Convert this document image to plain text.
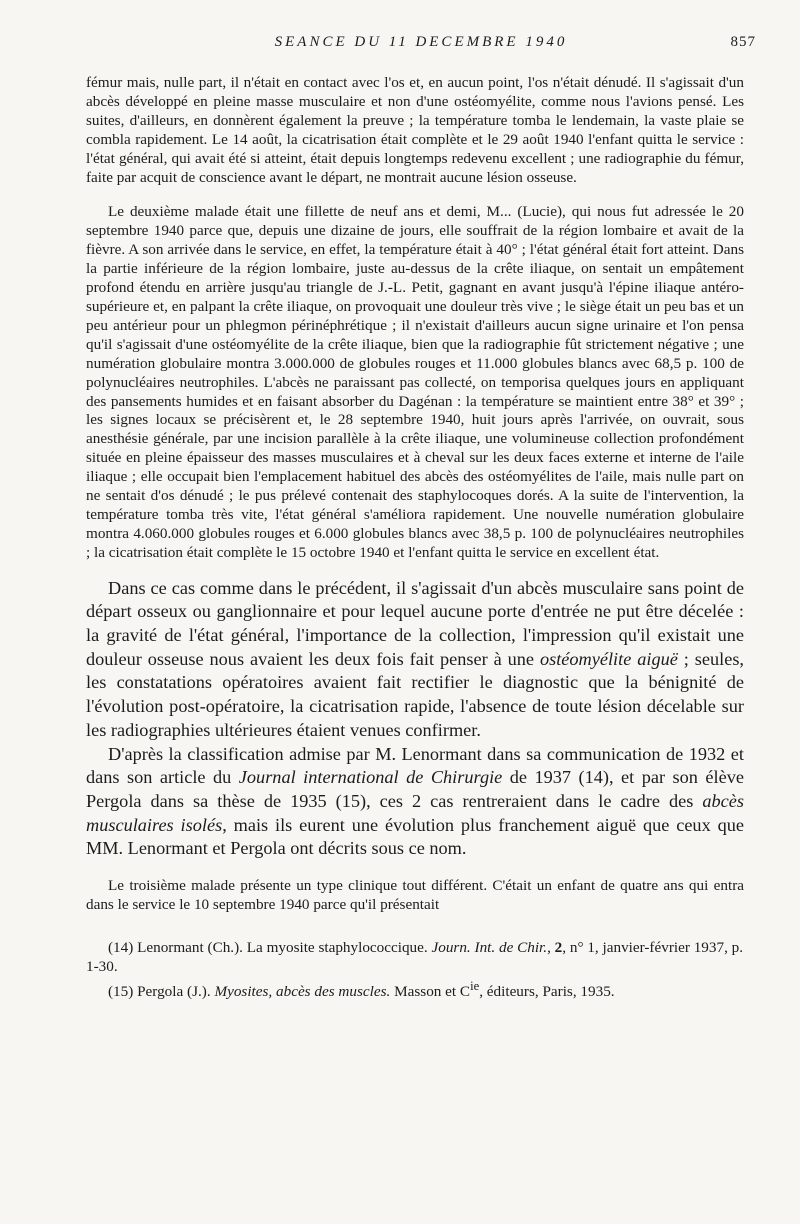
SEANCE DU 11 DECEMBRE 1940	857

fémur mais, nulle part, il n'était en contact avec l'os et, en aucun point, l'os n'était dénudé. Il s'agissait d'un abcès développé en pleine masse musculaire et non d'une ostéomyélite, comme nous l'avions pensé. Les suites, d'ailleurs, en donnèrent également la preuve ; la température tomba le lendemain, la vaste plaie se combla rapidement. Le 14 août, la cicatrisation était complète et le 29 août 1940 l'enfant quitta le service : l'état général, qui avait été si atteint, était depuis longtemps redevenu excellent ; une radiographie du fémur, faite par acquit de conscience avant le départ, ne montrait aucune lésion osseuse.

Le deuxième malade était une fillette de neuf ans et demi, M... (Lucie), qui nous fut adressée le 20 septembre 1940 parce que, depuis une dizaine de jours, elle souffrait de la région lombaire et avait de la fièvre. A son arrivée dans le service, en effet, la température était à 40° ; l'état général était fort atteint. Dans la partie inférieure de la région lombaire, juste au-dessus de la crête iliaque, on sentait un empâtement profond étendu en arrière jusqu'au triangle de J.-L. Petit, gagnant en avant jusqu'à l'épine iliaque antéro-supérieure et, en palpant la crête iliaque, on provoquait une douleur très vive ; le siège était un peu bas et un peu antérieur pour un phlegmon périnéphrétique ; il n'existait d'ailleurs aucun signe urinaire et l'on pensa qu'il s'agissait d'une ostéomyélite de la crête iliaque, bien que la radiographie fût strictement négative ; une numération globulaire montra 3.000.000 de globules rouges et 11.000 globules blancs avec 68,5 p. 100 de polynucléaires neutrophiles. L'abcès ne paraissant pas collecté, on temporisa quelques jours en appliquant des pansements humides et en faisant absorber du Dagénan : la température se maintient entre 38° et 39° ; les signes locaux se précisèrent et, le 28 septembre 1940, huit jours après l'arrivée, on ouvrait, sous anesthésie générale, par une incision parallèle à la crête iliaque, une volumineuse collection profondément située en pleine épaisseur des masses musculaires et à cheval sur les deux faces externe et interne de l'aile iliaque ; elle occupait bien l'emplacement habituel des abcès des ostéomyélites de l'aile, mais nulle part on ne sentait d'os dénudé ; le pus prélevé contenait des staphylocoques dorés. A la suite de l'intervention, la température tomba très vite, l'état général s'améliora rapidement. Une nouvelle numération globulaire montra 4.060.000 globules rouges et 6.000 globules blancs avec 38,5 p. 100 de polynucléaires neutrophiles ; la cicatrisation était complète le 15 octobre 1940 et l'enfant quitta le service en excellent état.

Dans ce cas comme dans le précédent, il s'agissait d'un abcès musculaire sans point de départ osseux ou ganglionnaire et pour lequel aucune porte d'entrée ne put être décelée : la gravité de l'état général, l'importance de la collection, l'impression qu'il existait une douleur osseuse nous avaient les deux fois fait penser à une ostéomyélite aiguë ; seules, les constatations opératoires avaient fait rectifier le diagnostic que la bénignité de l'évolution post-opératoire, la cicatrisation rapide, l'absence de toute lésion décelable sur les radiographies ultérieures étaient venues confirmer.

D'après la classification admise par M. Lenormant dans sa communication de 1932 et dans son article du Journal international de Chirurgie de 1937 (14), et par son élève Pergola dans sa thèse de 1935 (15), ces 2 cas rentreraient dans le cadre des abcès musculaires isolés, mais ils eurent une évolution plus franchement aiguë que ceux que MM. Lenormant et Pergola ont décrits sous ce nom.

Le troisième malade présente un type clinique tout différent. C'était un enfant de quatre ans qui entra dans le service le 10 septembre 1940 parce qu'il présentait

(14) Lenormant (Ch.). La myosite staphylococcique. Journ. Int. de Chir., 2, n° 1, janvier-février 1937, p. 1-30.

(15) Pergola (J.). Myosites, abcès des muscles. Masson et $C^{ie}$, éditeurs, Paris, 1935.
